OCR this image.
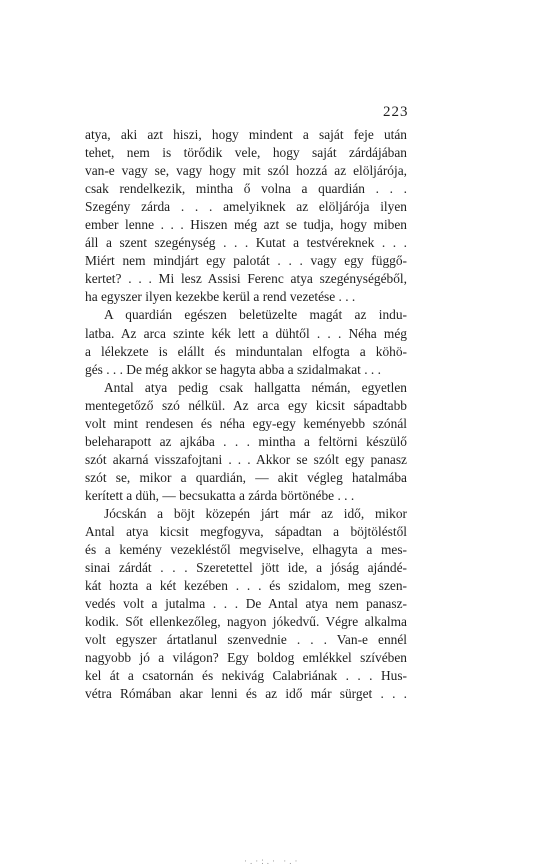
223
atya, aki azt hiszi, hogy mindent a saját feje után
tehet, nem is törődik vele, hogy saját zárdájában
van-e vagy se, vagy hogy mit szól hozzá az elöljárója,
csak rendelkezik, mintha ő volna a quardián . . .
Szegény zárda . . . amelyiknek az elöljárója ilyen
ember lenne . . . Hiszen még azt se tudja, hogy miben
áll a szent szegénység . . . Kutat a testvéreknek . . .
Miért nem mindjárt egy palotát . . . vagy egy függő-
kertet? . . . Mi lesz Assisi Ferenc atya szegénységéből,
ha egyszer ilyen kezekbe kerül a rend vezetése . . .
A quardián egészen beletüzelte magát az indu-
latba. Az arca szinte kék lett a dühtől . . . Néha még
a lélekzete is elállt és minduntalan elfogta a köhö-
gés . . . De még akkor se hagyta abba a szidalmakat . . .
Antal atya pedig csak hallgatta némán, egyetlen
mentegetőző szó nélkül. Az arca egy kicsit sápadtabb
volt mint rendesen és néha egy-egy keményebb szónál
beleharapott az ajkába . . . mintha a feltörni készülő
szót akarná visszafojtani . . . Akkor se szólt egy panasz
szót se, mikor a quardián, — akit végleg hatalmába
kerített a düh, — becsukatta a zárda börtönébe . . .
Jócskán a böjt közepén járt már az idő, mikor
Antal atya kicsit megfogyva, sápadtan a böjtöléstől
és a kemény vezekléstől megviselve, elhagyta a mes-
sinai zárdát . . . Szeretettel jött ide, a jóság ajándé-
kát hozta a két kezében . . . és szidalom, meg szen-
vedés volt a jutalma . . . De Antal atya nem panasz-
kodik. Sőt ellenkezőleg, nagyon jókedvű. Végre alkalma
volt egyszer ártatlanul szenvednie . . . Van-e ennél
nagyobb jó a világon? Egy boldog emlékkel szívében
kel át a csatornán és nekivág Calabriának . . . Hus-
vétra Rómában akar lenni és az idő már sürget . . .
·.·:.· ·.·
